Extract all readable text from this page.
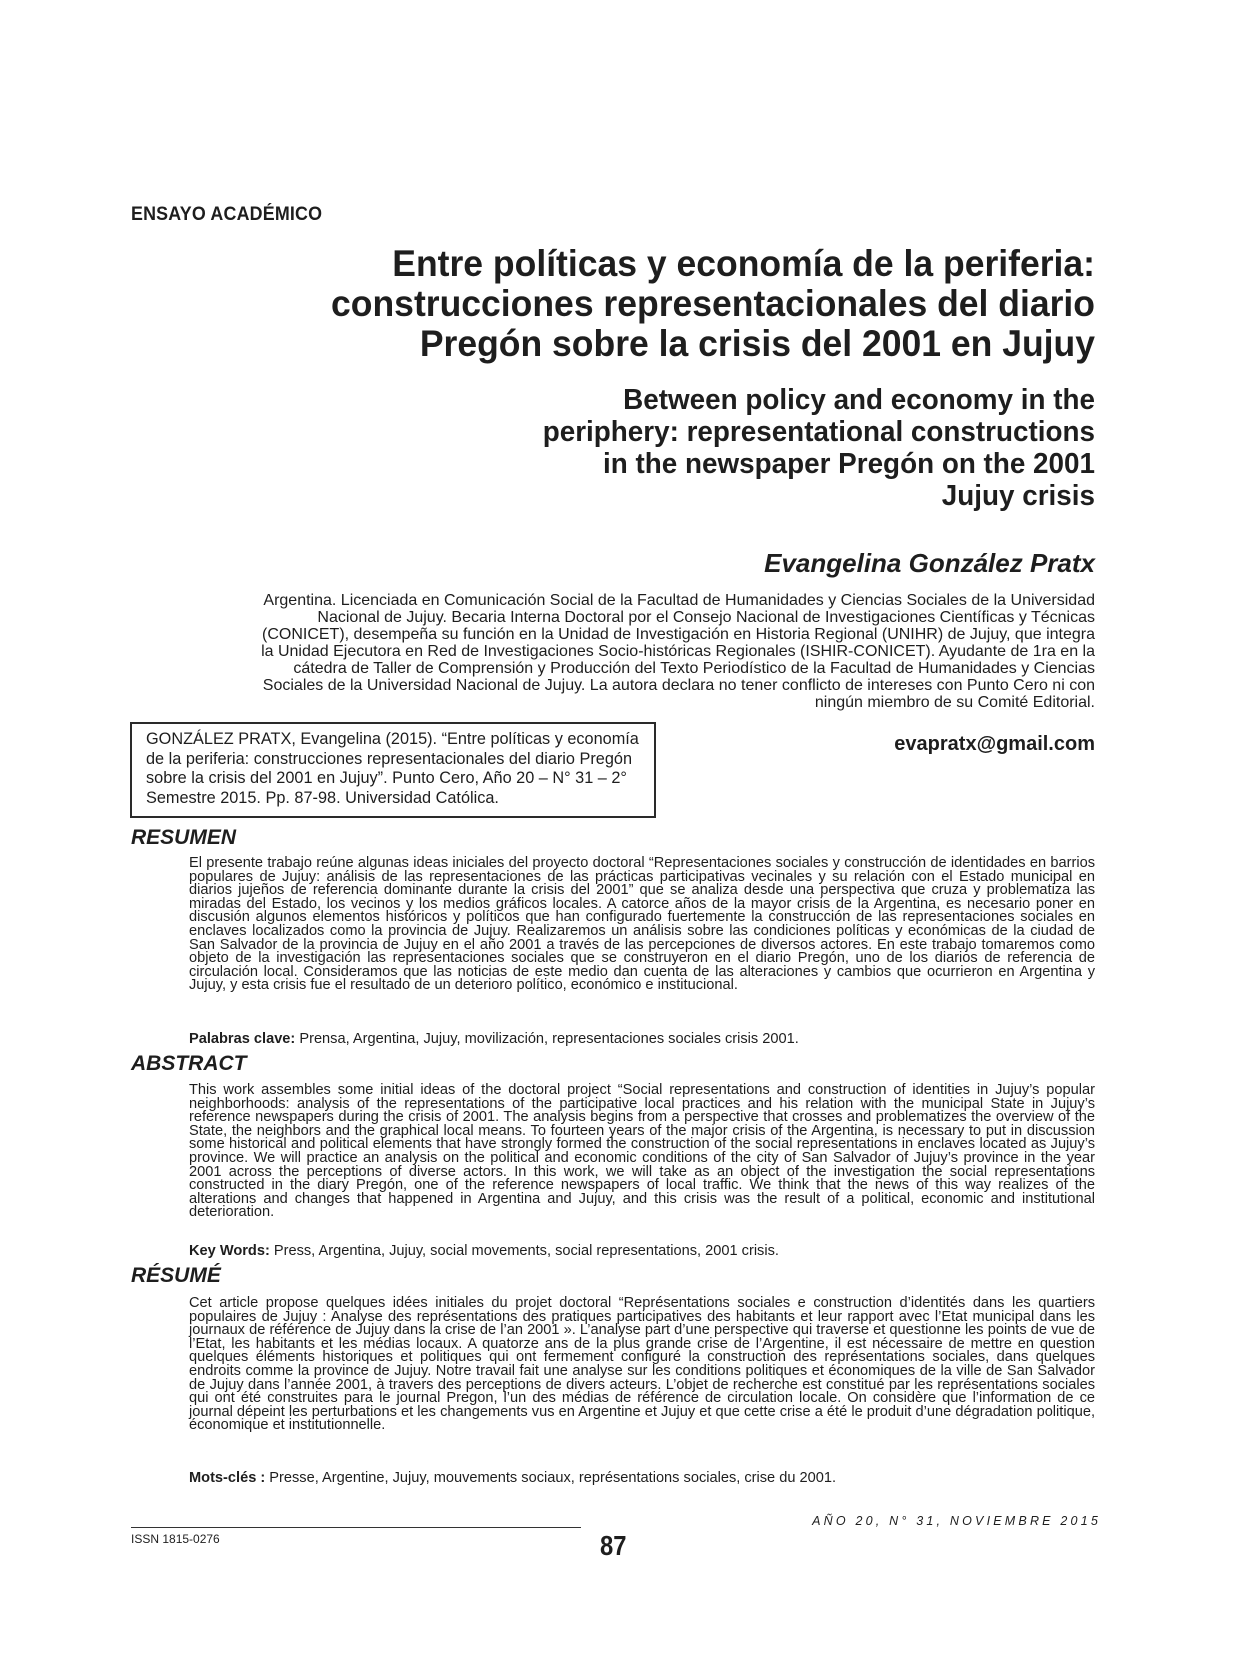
ENSAYO ACADÉMICO
Entre políticas y economía de la periferia:
construcciones representacionales del diario
Pregón sobre la crisis del 2001 en Jujuy
Between policy and economy in the
periphery: representational constructions
in the newspaper Pregón on the 2001
Jujuy crisis
Evangelina González Pratx
Argentina. Licenciada en Comunicación Social de la Facultad de Humanidades y Ciencias Sociales de la Universidad
Nacional de Jujuy. Becaria Interna Doctoral por el Consejo Nacional de Investigaciones Científicas y Técnicas
(CONICET), desempeña su función en la Unidad de Investigación en Historia Regional (UNIHR) de Jujuy, que integra
la Unidad Ejecutora en Red de Investigaciones Socio-históricas Regionales (ISHIR-CONICET). Ayudante de 1ra en la
cátedra de Taller de Comprensión y Producción del Texto Periodístico de la Facultad de Humanidades y Ciencias
Sociales de la Universidad Nacional de Jujuy. La autora declara no tener conflicto de intereses con Punto Cero ni con
ningún miembro de su Comité Editorial.
GONZÁLEZ PRATX, Evangelina (2015). “Entre políticas y economía
de la periferia: construcciones representacionales del diario Pregón
sobre la crisis del 2001 en Jujuy”. Punto Cero, Año 20 – N° 31 – 2°
Semestre 2015. Pp. 87-98. Universidad Católica.
evapratx@gmail.com
RESUMEN
El presente trabajo reúne algunas ideas iniciales del proyecto doctoral “Representaciones sociales y construcción de identidades en barrios populares de Jujuy: análisis de las representaciones de las prácticas participativas vecinales y su relación con el Estado municipal en diarios jujeños de referencia dominante durante la crisis del 2001” que se analiza desde una perspectiva que cruza y problematiza las miradas del Estado, los vecinos y los medios gráficos locales. A catorce años de la mayor crisis de la Argentina, es necesario poner en discusión algunos elementos históricos y políticos que han configurado fuertemente la construcción de las representaciones sociales en enclaves localizados como la provincia de Jujuy. Realizaremos un análisis sobre las condiciones políticas y económicas de la ciudad de San Salvador de la provincia de Jujuy en el año 2001 a través de las percepciones de diversos actores. En este trabajo tomaremos como objeto de la investigación las representaciones sociales que se construyeron en el diario Pregón, uno de los diarios de referencia de circulación local. Consideramos que las noticias de este medio dan cuenta de las alteraciones y cambios que ocurrieron en Argentina y Jujuy, y esta crisis fue el resultado de un deterioro político, económico e institucional.
Palabras clave: Prensa, Argentina, Jujuy, movilización, representaciones sociales crisis 2001.
ABSTRACT
This work assembles some initial ideas of the doctoral project “Social representations and construction of identities in Jujuy’s popular neighborhoods: analysis of the representations of the participative local practices and his relation with the municipal State in Jujuy’s reference newspapers during the crisis of 2001. The analysis begins from a perspective that crosses and problematizes the overview of the State, the neighbors and the graphical local means. To fourteen years of the major crisis of the Argentina, is necessary to put in discussion some historical and political elements that have strongly formed the construction of the social representations in enclaves located as Jujuy’s province. We will practice an analysis on the political and economic conditions of the city of San Salvador of Jujuy’s province in the year 2001 across the perceptions of diverse actors. In this work, we will take as an object of the investigation the social representations constructed in the diary Pregón, one of the reference newspapers of local traffic. We think that the news of this way realizes of the alterations and changes that happened in Argentina and Jujuy, and this crisis was the result of a political, economic and institutional deterioration.
Key Words: Press, Argentina, Jujuy, social movements, social representations, 2001 crisis.
RÉSUMÉ
Cet article propose quelques idées initiales du projet doctoral “Représentations sociales e construction d’identités dans les quartiers populaires de Jujuy : Analyse des représentations des pratiques participatives des habitants et leur rapport avec l’Etat municipal dans les journaux de référence de Jujuy dans la crise de l’an 2001 ». L’analyse part d’une perspective qui traverse et questionne les points de vue de l’Etat, les habitants et les médias locaux. A quatorze ans de la plus grande crise de l’Argentine, il est nécessaire de mettre en question quelques éléments historiques et politiques qui ont fermement configuré la construction des représentations sociales, dans quelques endroits comme la province de Jujuy. Notre travail fait une analyse sur les conditions politiques et économiques de la ville de San Salvador de Jujuy dans l’année 2001, à travers des perceptions de divers acteurs. L’objet de recherche est constitué par les représentations sociales qui ont été construites para le journal Pregon, l’un des médias de référence de circulation locale. On considère que l’information de ce journal dépeint les perturbations et les changements vus en Argentine et Jujuy et que cette crise a été le produit d’une dégradation politique, économique et institutionnelle.
Mots-clés : Presse, Argentine, Jujuy, mouvements sociaux, représentations sociales, crise du 2001.
ISSN 1815-0276	87
AÑO 20, N° 31, NOVIEMBRE 2015
